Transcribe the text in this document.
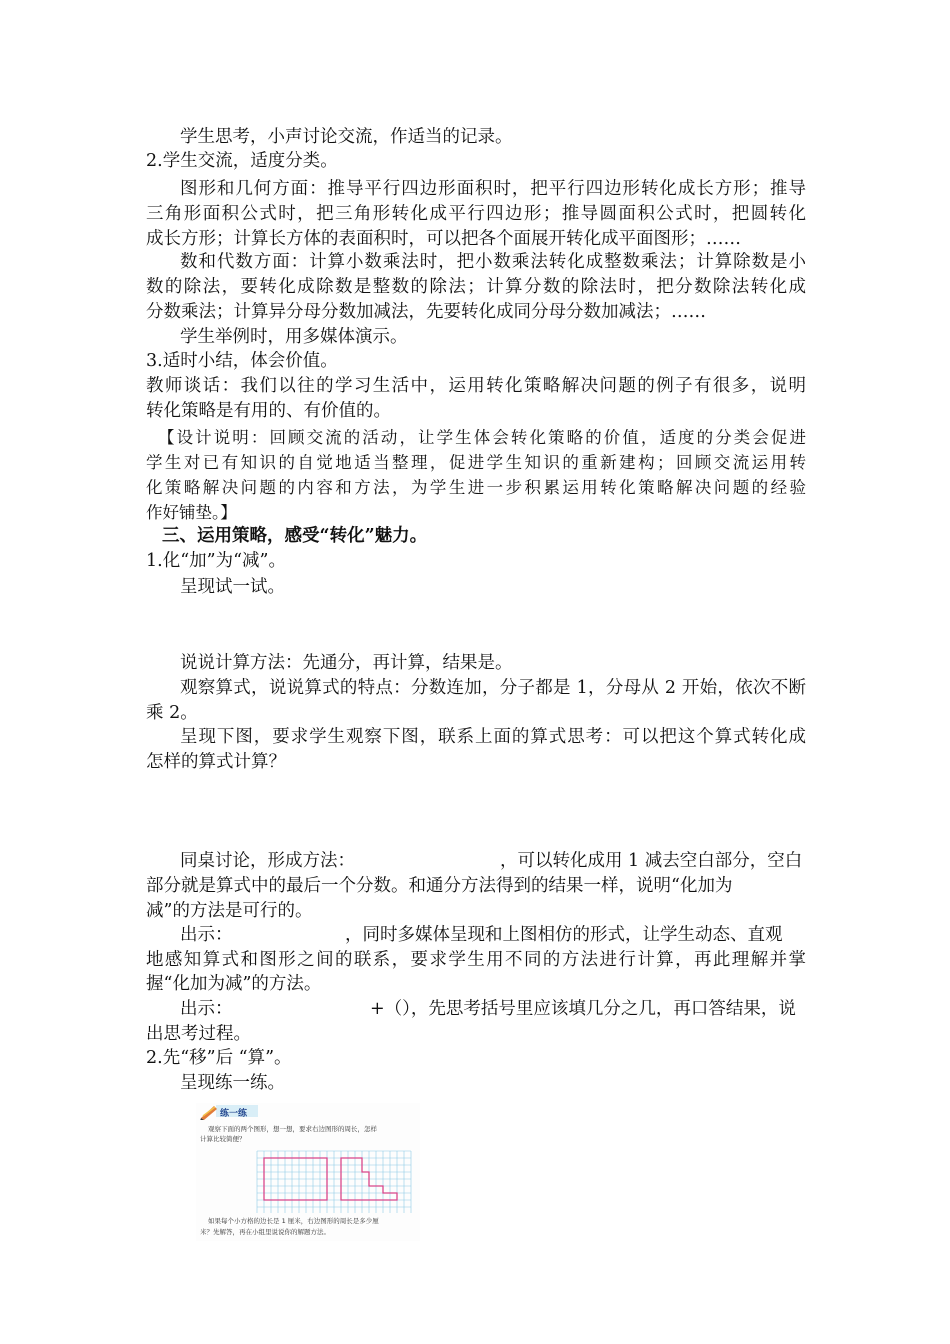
学生思考，小声讨论交流，作适当的记录。
2.学生交流，适度分类。
图形和几何方面：推导平行四边形面积时，把平行四边形转化成长方形；推导
三角形面积公式时，把三角形转化成平行四边形；推导圆面积公式时，把圆转化
成长方形；计算长方体的表面积时，可以把各个面展开转化成平面图形；……
数和代数方面：计算小数乘法时，把小数乘法转化成整数乘法；计算除数是小
数的除法，要转化成除数是整数的除法；计算分数的除法时，把分数除法转化成
分数乘法；计算异分母分数加减法，先要转化成同分母分数加减法；……
学生举例时，用多媒体演示。
3.适时小结，体会价值。
教师谈话：我们以往的学习生活中，运用转化策略解决问题的例子有很多，说明
转化策略是有用的、有价值的。
【设计说明：回顾交流的活动，让学生体会转化策略的价值，适度的分类会促进
学生对已有知识的自觉地适当整理，促进学生知识的重新建构；回顾交流运用转
化策略解决问题的内容和方法，为学生进一步积累运用转化策略解决问题的经验
作好铺垫。】
三、运用策略，感受“转化”魅力。
1.化“加”为“减”。
呈现试一试。
说说计算方法：先通分，再计算，结果是。
观察算式，说说算式的特点：分数连加，分子都是 1，分母从 2 开始，依次不断
乘 2。
呈现下图，要求学生观察下图，联系上面的算式思考：可以把这个算式转化成
怎样的算式计算？
同桌讨论，形成方法：	，可以转化成用 1 减去空白部分，空白
部分就是算式中的最后一个分数。和通分方法得到的结果一样，说明“化加为
减”的方法是可行的。
出示：	，同时多媒体呈现和上图相仿的形式，让学生动态、直观
地感知算式和图形之间的联系，要求学生用不同的方法进行计算，再此理解并掌
握“化加为减”的方法。
出示：	+（），先思考括号里应该填几分之几，再口答结果，说
出思考过程。
2.先“移”后 “算”。
呈现练一练。
练一练
观察下面的两个图形，想一想，要求右边图形的周长，怎样
计算比较简便？
如果每个小方格的边长是 1 厘米，右边图形的周长是多少厘
米？先解答，再在小组里说说你的解题方法。
